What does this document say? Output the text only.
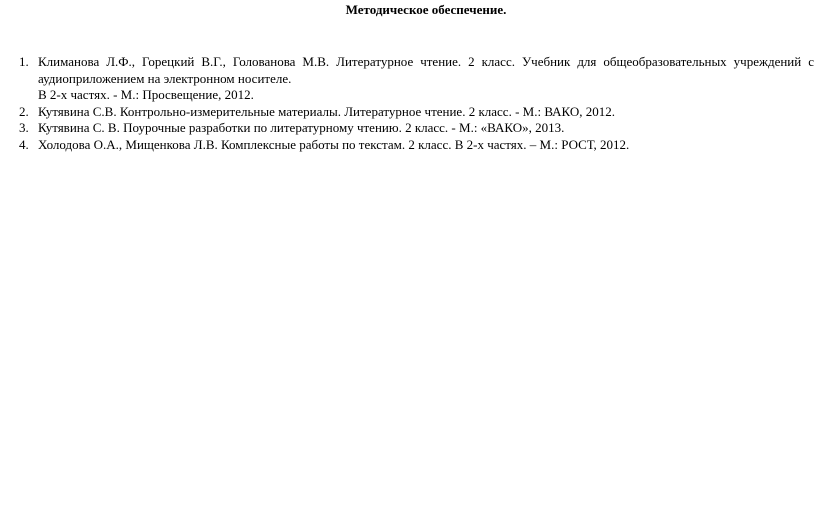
Методическое обеспечение.
1. Климанова Л.Ф., Горецкий В.Г., Голованова М.В. Литературное чтение. 2 класс. Учебник для общеобразовательных учреждений с аудиоприложением на электронном носителе.
В 2-х частях. - М.: Просвещение, 2012.
2. Кутявина С.В. Контрольно-измерительные материалы. Литературное чтение. 2 класс. - М.: ВАКО, 2012.
3. Кутявина С. В. Поурочные разработки по литературному чтению. 2 класс. - М.: «ВАКО», 2013.
4. Холодова О.А., Мищенкова Л.В. Комплексные работы по текстам. 2 класс. В 2-х частях. – М.: РОСТ, 2012.
